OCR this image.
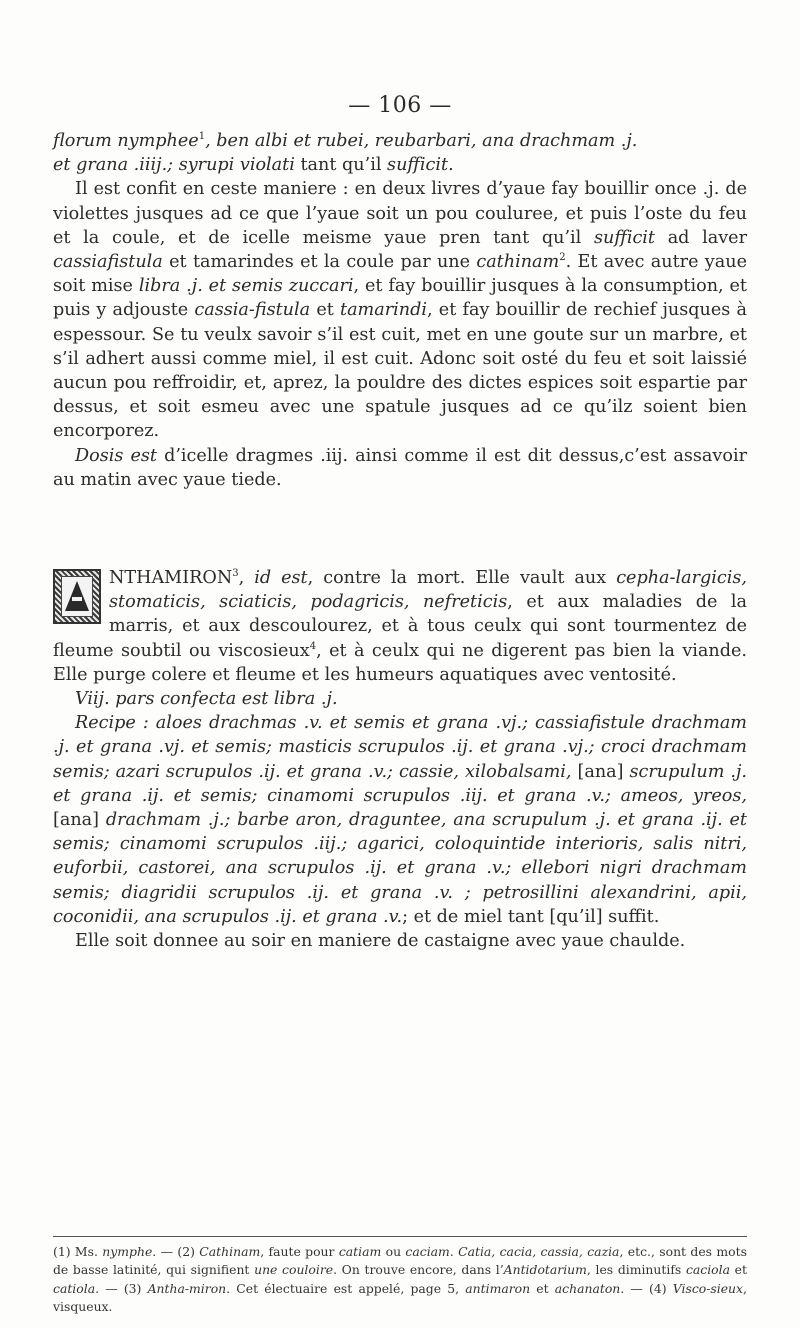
— 106 —

florum nymphee$^1$, ben albi et rubei, reubarbari, ana drachmam .j.
et grana .iiij.; syrupi violati tant qu’il sufficit.

Il est confit en ceste maniere : en deux livres d’yaue fay bouillir once .j. de violettes jusques ad ce que l’yaue soit un pou couluree, et puis l’oste du feu et la coule, et de icelle meisme yaue pren tant qu’il sufficit ad laver cassiafistula et tamarindes et la coule par une cathinam$^2$. Et avec autre yaue soit mise libra .j. et semis zuccari, et fay bouillir jusques à la consumption, et puis y adjouste cassia-fistula et tamarindi, et fay bouillir de rechief jusques à espessour. Se tu veulx savoir s’il est cuit, met en une goute sur un marbre, et s’il adhert aussi comme miel, il est cuit. Adonc soit osté du feu et soit laissié aucun pou reffroidir, et, aprez, la pouldre des dictes espices soit espartie par dessus, et soit esmeu avec une spatule jusques ad ce qu’ilz soient bien encorporez.

Dosis est d’icelle dragmes .iij. ainsi comme il est dit dessus,c’est assavoir au matin avec yaue tiede.

NTHAMIRON$^3$, id est, contre la mort. Elle vault aux cepha-largicis, stomaticis, sciaticis, podagricis, nefreticis, et aux maladies de la marris, et aux descoulourez, et à tous ceulx qui sont tourmentez de fleume soubtil ou viscosieux$^4$, et à ceulx qui ne digerent pas bien la viande. Elle purge colere et fleume et les humeurs aquatiques avec ventosité.

Viij. pars confecta est libra .j.

Recipe : aloes drachmas .v. et semis et grana .vj.; cassiafistule drachmam .j. et grana .vj. et semis; masticis scrupulos .ij. et grana .vj.; croci drachmam semis; azari scrupulos .ij. et grana .v.; cassie, xilobalsami, [ana] scrupulum .j. et grana .ij. et semis; cinamomi scrupulos .iij. et grana .v.; ameos, yreos, [ana] drachmam .j.; barbe aron, draguntee, ana scrupulum .j. et grana .ij. et semis; cinamomi scrupulos .iij.; agarici, coloquintide interioris, salis nitri, euforbii, castorei, ana scrupulos .ij. et grana .v.; ellebori nigri drachmam semis; diagridii scrupulos .ij. et grana .v. ; petrosillini alexandrini, apii, coconidii, ana scrupulos .ij. et grana .v.; et de miel tant [qu’il] suffit.

Elle soit donnee au soir en maniere de castaigne avec yaue chaulde.

(1) Ms. nymphe. — (2) Cathinam, faute pour catiam ou caciam. Catia, cacia, cassia, cazia, etc., sont des mots de basse latinité, qui signifient une couloire. On trouve encore, dans l’Antidotarium, les diminutifs caciola et catiola. — (3) Antha-miron. Cet électuaire est appelé, page 5, antimaron et achanaton. — (4) Visco-sieux, visqueux.
